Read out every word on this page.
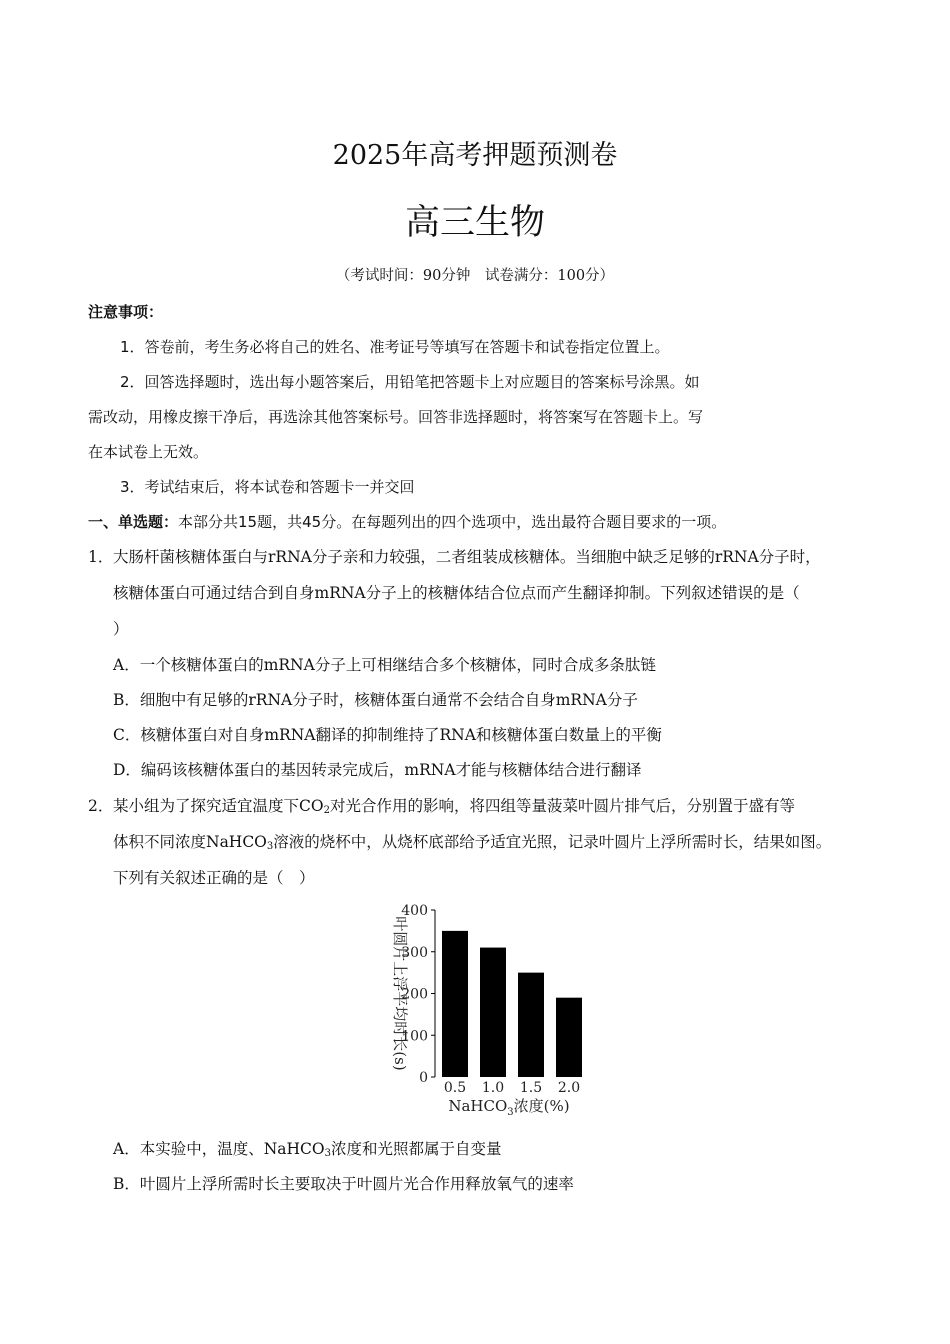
2025年高考押题预测卷
高三生物
（考试时间：90分钟　试卷满分：100分）
注意事项：
1．答卷前，考生务必将自己的姓名、准考证号等填写在答题卡和试卷指定位置上。
2．回答选择题时，选出每小题答案后，用铅笔把答题卡上对应题目的答案标号涂黑。如
需改动，用橡皮擦干净后，再选涂其他答案标号。回答非选择题时，将答案写在答题卡上。写
在本试卷上无效。
3．考试结束后，将本试卷和答题卡一并交回
一、单选题：本部分共15题，共45分。在每题列出的四个选项中，选出最符合题目要求的一项。
1． 大肠杆菌核糖体蛋白与rRNA分子亲和力较强，二者组装成核糖体。当细胞中缺乏足够的rRNA分子时，
核糖体蛋白可通过结合到自身mRNA分子上的核糖体结合位点而产生翻译抑制。下列叙述错误的是（
）
A．一个核糖体蛋白的mRNA分子上可相继结合多个核糖体，同时合成多条肽链
B．细胞中有足够的rRNA分子时，核糖体蛋白通常不会结合自身mRNA分子
C．核糖体蛋白对自身mRNA翻译的抑制维持了RNA和核糖体蛋白数量上的平衡
D．编码该核糖体蛋白的基因转录完成后，mRNA才能与核糖体结合进行翻译
2． 某小组为了探究适宜温度下$CO_2$对光合作用的影响，将四组等量菠菜叶圆片排气后，分别置于盛有等
体积不同浓度NaHCO$_3$溶液的烧杯中，从烧杯底部给予适宜光照，记录叶圆片上浮所需时长，结果如图。
下列有关叙述正确的是（　）
0
100
200
300
400
0.5 1.0 1.5 2.0
叶圆片上浮平均时长(s)
NaHCO$_3$浓度(%)
A．本实验中，温度、NaHCO$_3$浓度和光照都属于自变量
B．叶圆片上浮所需时长主要取决于叶圆片光合作用释放氧气的速率
